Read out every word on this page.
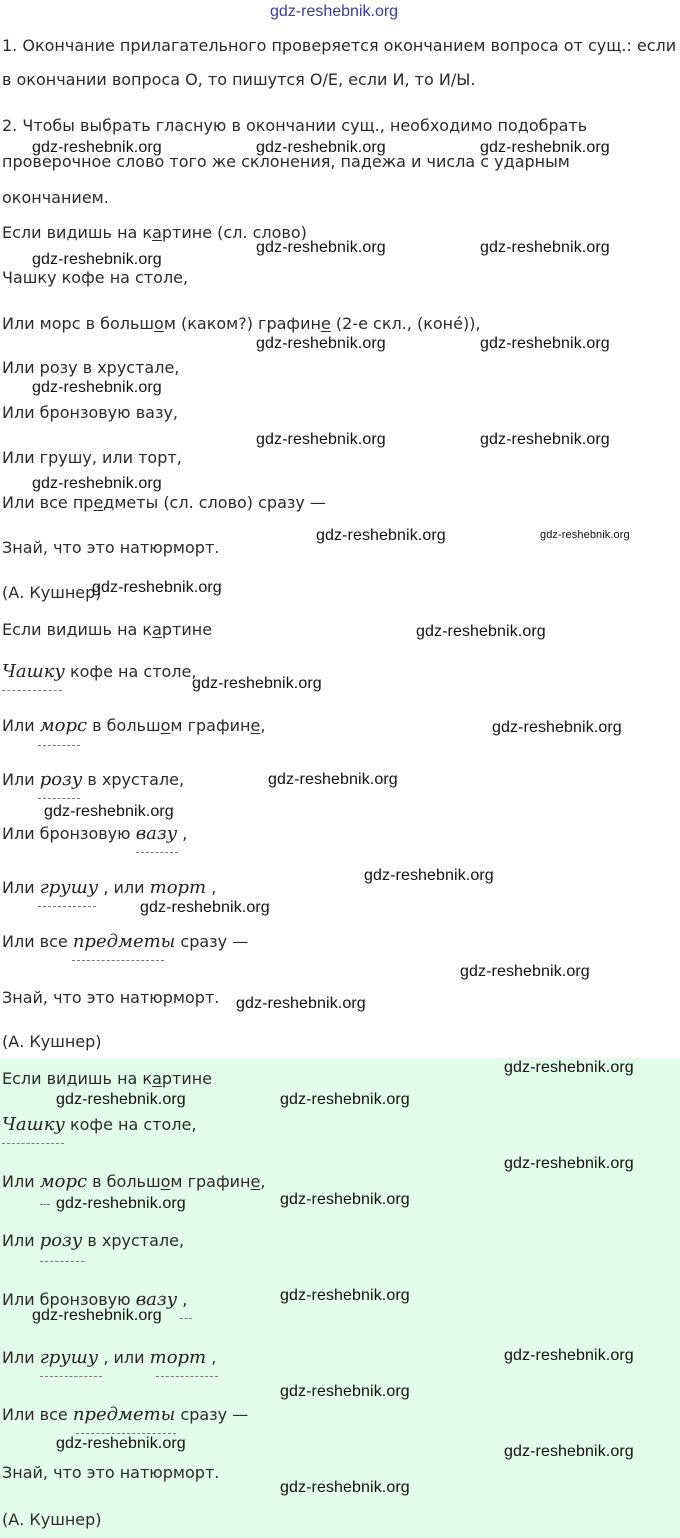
gdz-reshebnik.org
1. Окончание прилагательного проверяется окончанием вопроса от сущ.: если
в окончании вопроса О, то пишутся О/Е, если И, то И/Ы.
2. Чтобы выбрать гласную в окончании сущ., необходимо подобрать
проверочное слово того же склонения, падежа и числа с ударным
окончанием.
Если видишь на картине (сл. слово)
Чашку кофе на столе,
Или морс в большом (каком?) графине (2-е скл., (конé)),
Или розу в хрустале,
Или бронзовую вазу,
Или грушу, или торт,
Или все предметы (сл. слово) сразу —
Знай, что это натюрморт.
(А. Кушнер)
Если видишь на картине
Чашку кофе на столе,
Или морс в большом графине,
Или розу в хрустале,
Или бронзовую вазу ,
Или грушу , или торт ,
Или все предметы сразу —
Знай, что это натюрморт.
(А. Кушнер)
Если видишь на картине
Чашку кофе на столе,
Или морс в большом графине,
Или розу в хрустале,
Или бронзовую вазу ,
Или грушу , или торт ,
Или все предметы сразу —
Знай, что это натюрморт.
(А. Кушнер)
gdz-reshebnik.org	gdz-reshebnik.org	gdz-reshebnik.org
gdz-reshebnik.org	gdz-reshebnik.org
gdz-reshebnik.org
gdz-reshebnik.org	gdz-reshebnik.org
gdz-reshebnik.org
gdz-reshebnik.org	gdz-reshebnik.org
gdz-reshebnik.org
gdz-reshebnik.org	gdz-reshebnik.org
gdz-reshebnik.org
gdz-reshebnik.org
gdz-reshebnik.org
gdz-reshebnik.org
gdz-reshebnik.org
gdz-reshebnik.org
gdz-reshebnik.org
gdz-reshebnik.org
gdz-reshebnik.org
gdz-reshebnik.org
gdz-reshebnik.org
gdz-reshebnik.org	gdz-reshebnik.org
gdz-reshebnik.org
gdz-reshebnik.org	gdz-reshebnik.org
gdz-reshebnik.org
gdz-reshebnik.org
gdz-reshebnik.org
gdz-reshebnik.org
gdz-reshebnik.org	gdz-reshebnik.org
gdz-reshebnik.org
